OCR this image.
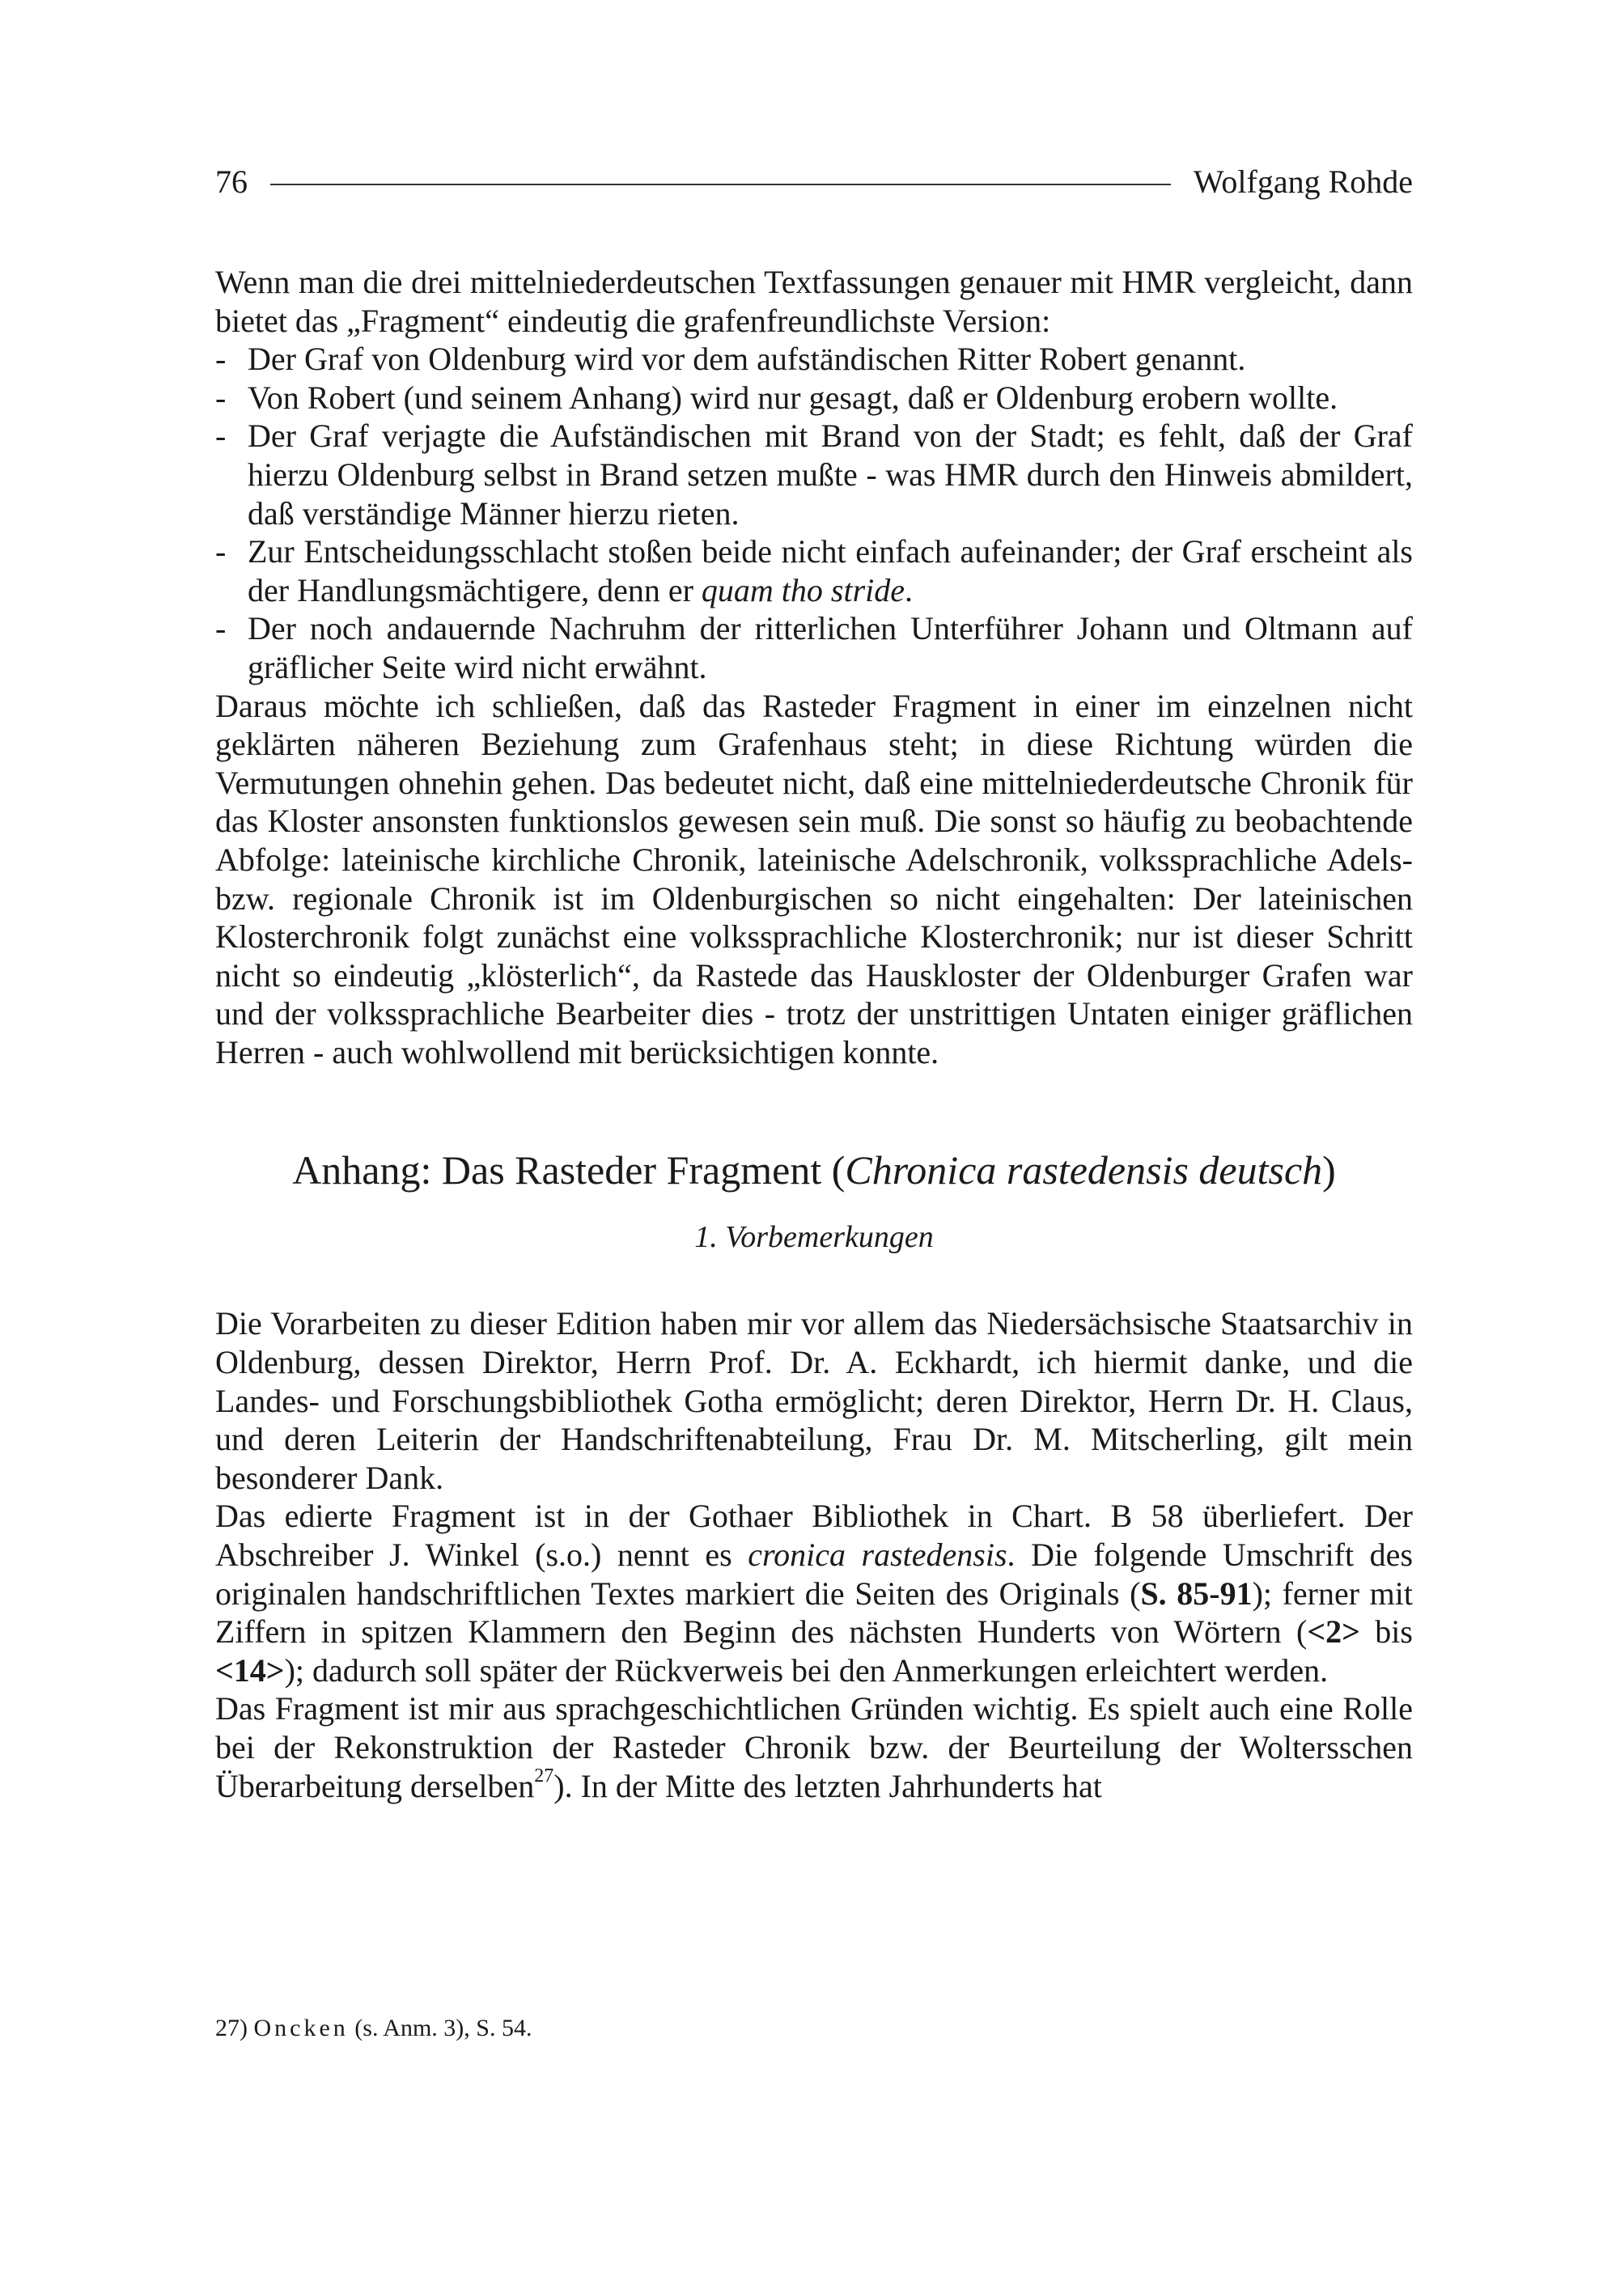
76	Wolfgang Rohde

Wenn man die drei mittelniederdeutschen Textfassungen genauer mit HMR vergleicht, dann bietet das „Fragment“ eindeutig die grafenfreundlichste Version:

- Der Graf von Oldenburg wird vor dem aufständischen Ritter Robert genannt.
- Von Robert (und seinem Anhang) wird nur gesagt, daß er Oldenburg erobern wollte.
- Der Graf verjagte die Aufständischen mit Brand von der Stadt; es fehlt, daß der Graf hierzu Oldenburg selbst in Brand setzen mußte - was HMR durch den Hinweis abmildert, daß verständige Männer hierzu rieten.
- Zur Entscheidungsschlacht stoßen beide nicht einfach aufeinander; der Graf erscheint als der Handlungsmächtigere, denn er quam tho stride.
- Der noch andauernde Nachruhm der ritterlichen Unterführer Johann und Oltmann auf gräflicher Seite wird nicht erwähnt.

Daraus möchte ich schließen, daß das Rasteder Fragment in einer im einzelnen nicht geklärten näheren Beziehung zum Grafenhaus steht; in diese Richtung würden die Vermutungen ohnehin gehen. Das bedeutet nicht, daß eine mittelniederdeutsche Chronik für das Kloster ansonsten funktionslos gewesen sein muß. Die sonst so häufig zu beobachtende Abfolge: lateinische kirchliche Chronik, lateinische Adelschronik, volkssprachliche Adels- bzw. regionale Chronik ist im Oldenburgischen so nicht eingehalten: Der lateinischen Klosterchronik folgt zunächst eine volkssprachliche Klosterchronik; nur ist dieser Schritt nicht so eindeutig „klösterlich“, da Rastede das Hauskloster der Oldenburger Grafen war und der volkssprachliche Bearbeiter dies - trotz der unstrittigen Untaten einiger gräflichen Herren - auch wohlwollend mit berücksichtigen konnte.

Anhang: Das Rasteder Fragment (Chronica rastedensis deutsch)
1. Vorbemerkungen

Die Vorarbeiten zu dieser Edition haben mir vor allem das Niedersächsische Staatsarchiv in Oldenburg, dessen Direktor, Herrn Prof. Dr. A. Eckhardt, ich hiermit danke, und die Landes- und Forschungsbibliothek Gotha ermöglicht; deren Direktor, Herrn Dr. H. Claus, und deren Leiterin der Handschriftenabteilung, Frau Dr. M. Mitscherling, gilt mein besonderer Dank.

Das edierte Fragment ist in der Gothaer Bibliothek in Chart. B 58 überliefert. Der Abschreiber J. Winkel (s.o.) nennt es cronica rastedensis. Die folgende Umschrift des originalen handschriftlichen Textes markiert die Seiten des Originals (S. 85-91); ferner mit Ziffern in spitzen Klammern den Beginn des nächsten Hunderts von Wörtern (<2> bis <14>); dadurch soll später der Rückverweis bei den Anmerkungen erleichtert werden.

Das Fragment ist mir aus sprachgeschichtlichen Gründen wichtig. Es spielt auch eine Rolle bei der Rekonstruktion der Rasteder Chronik bzw. der Beurteilung der Woltersschen Überarbeitung derselben$^{27}$). In der Mitte des letzten Jahrhunderts hat

27) Oncken (s. Anm. 3), S. 54.
